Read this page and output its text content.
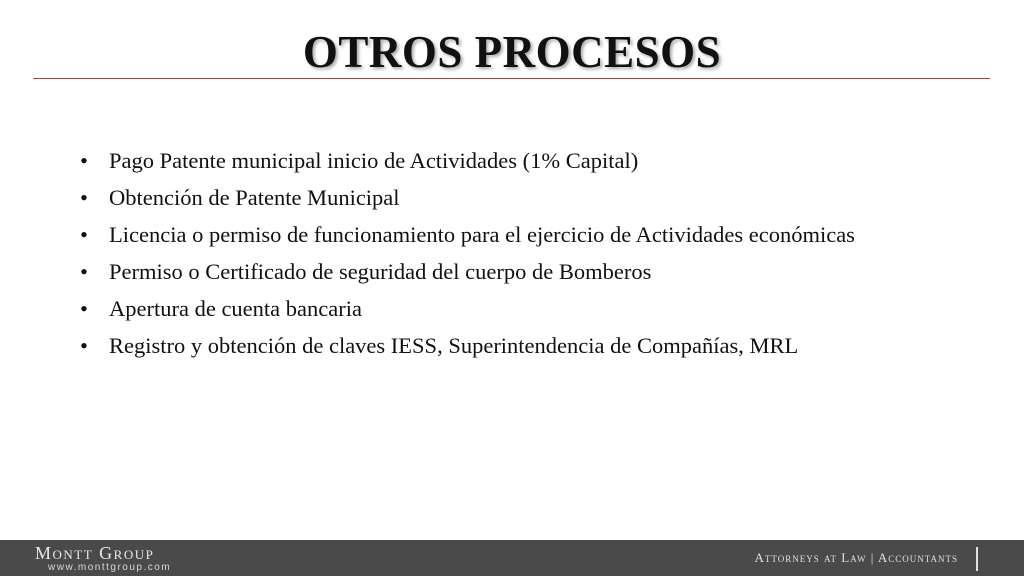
OTROS PROCESOS
• Pago Patente municipal inicio de Actividades (1% Capital)
• Obtención de Patente Municipal
• Licencia o permiso de funcionamiento para el ejercicio de Actividades económicas
• Permiso o Certificado de seguridad del cuerpo de Bomberos
• Apertura de cuenta bancaria
• Registro y obtención de claves IESS, Superintendencia de Compañías, MRL
Montt Group
www.monttgroup.com
Attorneys at Law | Accountants
